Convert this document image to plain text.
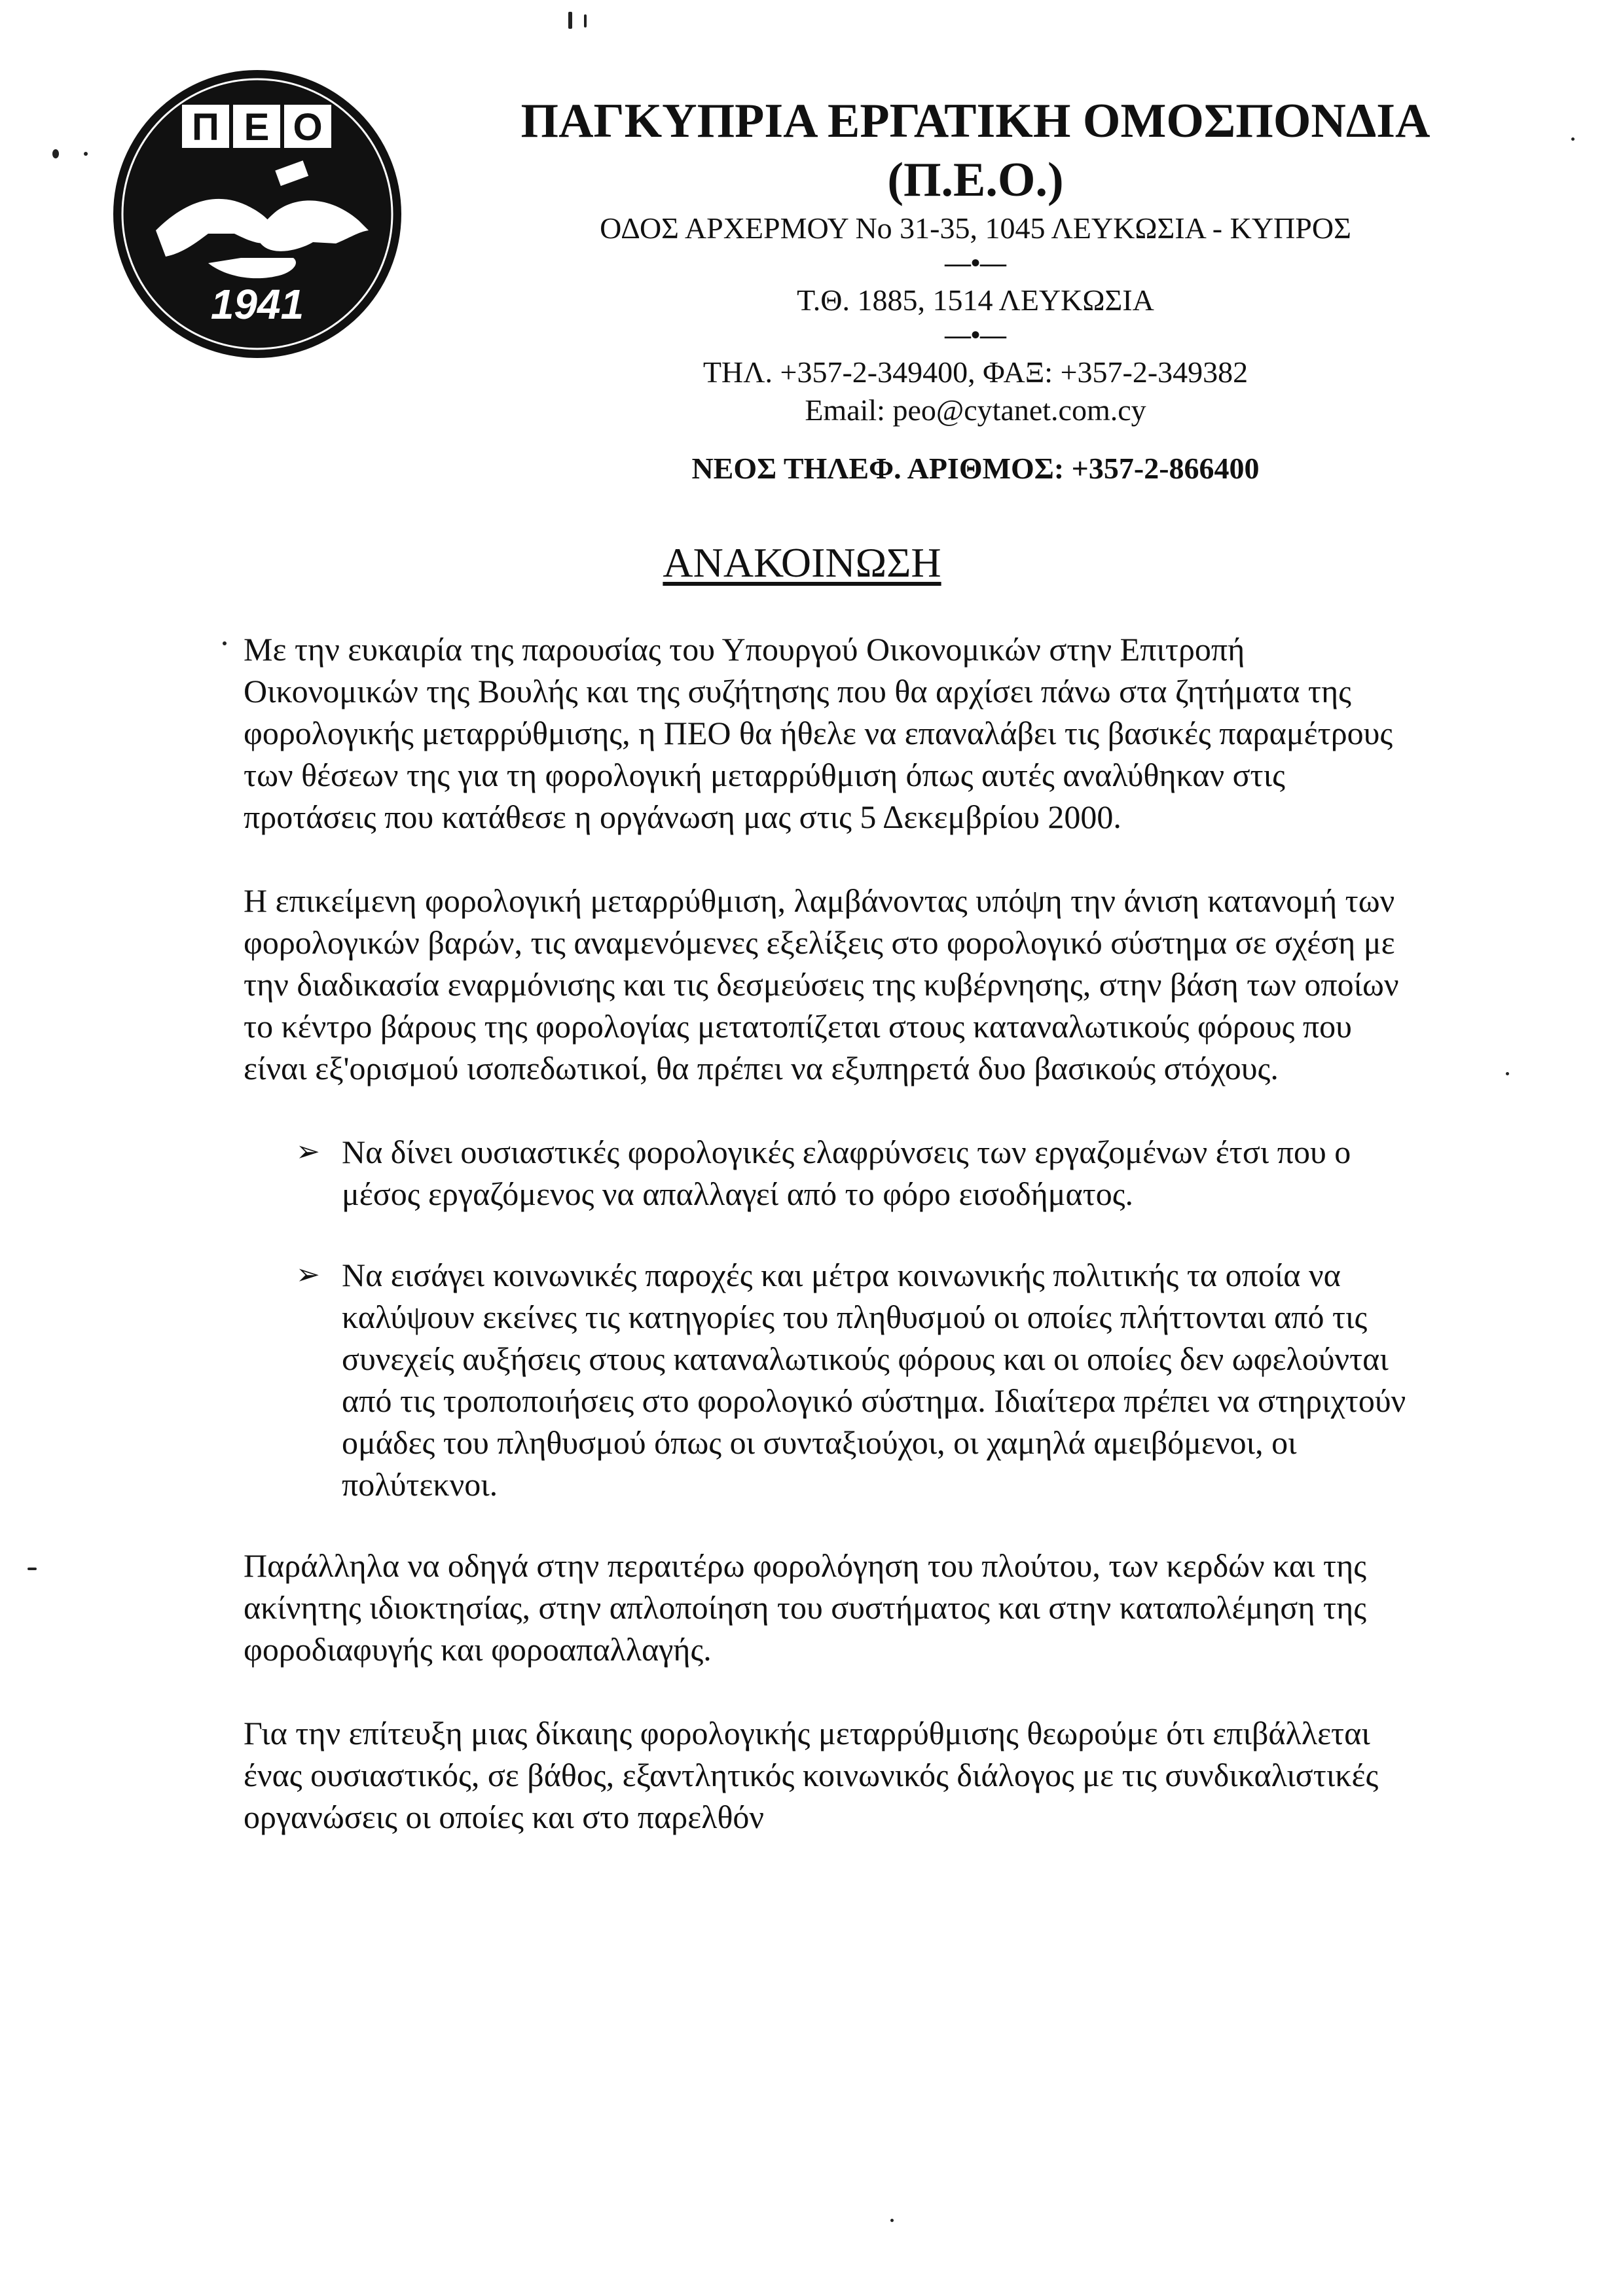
Π Ε Ο
1941

ΠΑΓΚΥΠΡΙΑ ΕΡΓΑΤΙΚΗ ΟΜΟΣΠΟΝΔΙΑ (Π.Ε.Ο.)

ΟΔΟΣ ΑΡΧΕΡΜΟΥ Νο 31-35, 1045 ΛΕΥΚΩΣΙΑ - ΚΥΠΡΟΣ

—•—

Τ.Θ. 1885, 1514 ΛΕΥΚΩΣΙΑ

—•—

ΤΗΛ. +357-2-349400, ΦΑΞ: +357-2-349382

Email: peo@cytanet.com.cy

ΝΕΟΣ ΤΗΛΕΦ. ΑΡΙΘΜΟΣ: +357-2-866400

ΑΝΑΚΟΙΝΩΣΗ

Με την ευκαιρία της παρουσίας του Υπουργού Οικονομικών στην Επιτροπή Οικονομικών της Βουλής και της συζήτησης που θα αρχίσει πάνω στα ζητήματα της φορολογικής μεταρρύθμισης, η ΠΕΟ θα ήθελε να επαναλάβει τις βασικές παραμέτρους των θέσεων της για τη φορολογική μεταρρύθμιση όπως αυτές αναλύθηκαν στις προτάσεις που κατάθεσε η οργάνωση μας στις 5 Δεκεμβρίου 2000.

Η επικείμενη φορολογική μεταρρύθμιση, λαμβάνοντας υπόψη την άνιση κατανομή των φορολογικών βαρών, τις αναμενόμενες εξελίξεις στο φορολογικό σύστημα σε σχέση με την διαδικασία εναρμόνισης και τις δεσμεύσεις της κυβέρνησης, στην βάση των οποίων το κέντρο βάρους της φορολογίας μετατοπίζεται στους καταναλωτικούς φόρους που είναι εξ'ορισμού ισοπεδωτικοί, θα πρέπει να εξυπηρετά δυο βασικούς στόχους.

➢ Να δίνει ουσιαστικές φορολογικές ελαφρύνσεις των εργαζομένων έτσι που ο μέσος εργαζόμενος να απαλλαγεί από το φόρο εισοδήματος.
➢ Να εισάγει κοινωνικές παροχές και μέτρα κοινωνικής πολιτικής τα οποία να καλύψουν εκείνες τις κατηγορίες του πληθυσμού οι οποίες πλήττονται από τις συνεχείς αυξήσεις στους καταναλωτικούς φόρους και οι οποίες δεν ωφελούνται από τις τροποποιήσεις στο φορολογικό σύστημα. Ιδιαίτερα πρέπει να στηριχτούν ομάδες του πληθυσμού όπως οι συνταξιούχοι, οι χαμηλά αμειβόμενοι, οι πολύτεκνοι.

Παράλληλα να οδηγά στην περαιτέρω φορολόγηση του πλούτου, των κερδών και της ακίνητης ιδιοκτησίας, στην απλοποίηση του συστήματος και στην καταπολέμηση της φοροδιαφυγής και φοροαπαλλαγής.

Για την επίτευξη μιας δίκαιης φορολογικής μεταρρύθμισης θεωρούμε ότι επιβάλλεται ένας ουσιαστικός, σε βάθος, εξαντλητικός κοινωνικός διάλογος με τις συνδικαλιστικές οργανώσεις οι οποίες και στο παρελθόν
